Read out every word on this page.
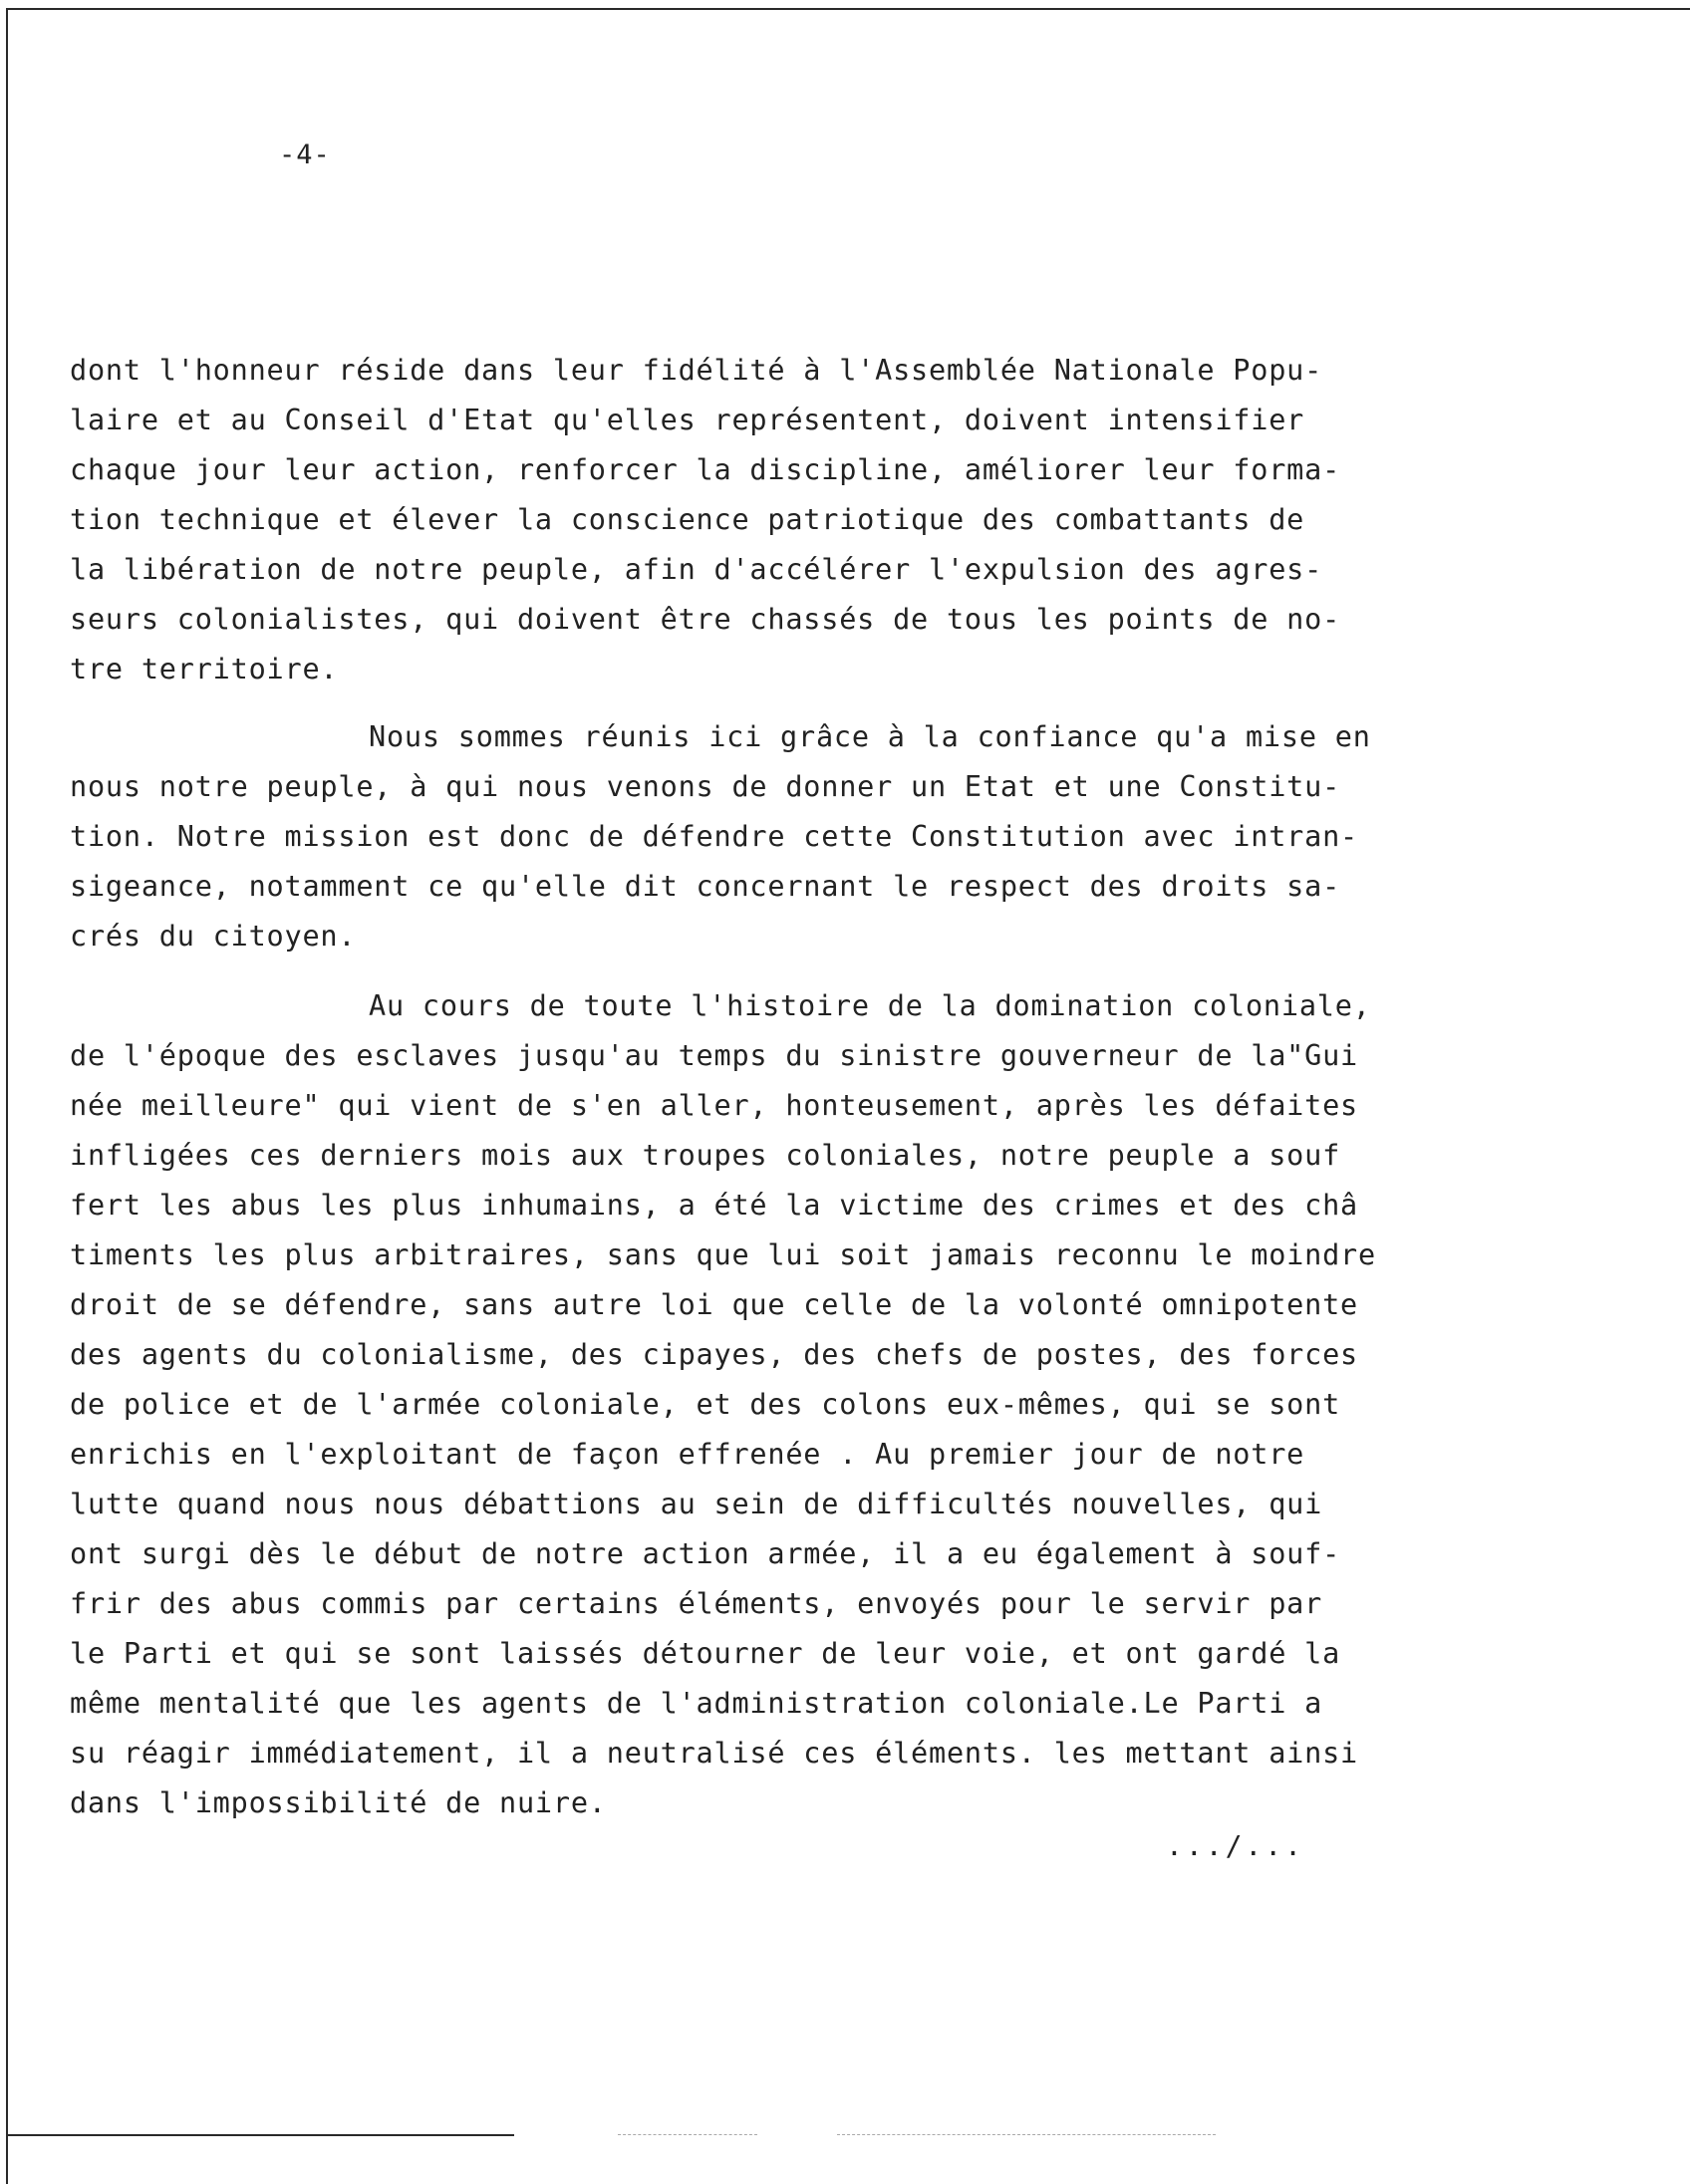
-4-
dont l'honneur réside dans leur fidélité à l'Assemblée Nationale Popu-
laire et au Conseil d'Etat qu'elles représentent, doivent intensifier
chaque jour leur action, renforcer la discipline, améliorer leur forma-
tion technique et élever la conscience patriotique des combattants de
la libération de notre peuple, afin d'accélérer l'expulsion des agres-
seurs colonialistes, qui doivent être chassés de tous les points de no-
tre territoire.
Nous sommes réunis ici grâce à la confiance qu'a mise en
nous notre peuple, à qui nous venons de donner un Etat et une Constitu-
tion. Notre mission est donc de défendre cette Constitution avec intran-
sigeance, notamment ce qu'elle dit concernant le respect des droits sa-
crés du citoyen.
Au cours de toute l'histoire de la domination coloniale,
de l'époque des esclaves jusqu'au temps du sinistre gouverneur de la"Gui
née meilleure" qui vient de s'en aller, honteusement, après les défaites
infligées ces derniers mois aux troupes coloniales, notre peuple a souf
fert les abus les plus inhumains, a été la victime des crimes et des châ
timents les plus arbitraires, sans que lui soit jamais reconnu le moindre
droit de se défendre, sans autre loi que celle de la volonté omnipotente
des agents du colonialisme, des cipayes, des chefs de postes, des forces
de police et de l'armée coloniale, et des colons eux-mêmes, qui se sont
enrichis en l'exploitant de façon effrenée . Au premier jour de notre
lutte quand nous nous débattions au sein de difficultés nouvelles, qui
ont surgi dès le début de notre action armée, il a eu également à souf-
frir des abus commis par certains éléments, envoyés pour le servir par
le Parti et qui se sont laissés détourner de leur voie, et ont gardé la
même mentalité que les agents de l'administration coloniale.Le Parti a
su réagir immédiatement, il a neutralisé ces éléments. les mettant ainsi
dans l'impossibilité de nuire.
.../...
